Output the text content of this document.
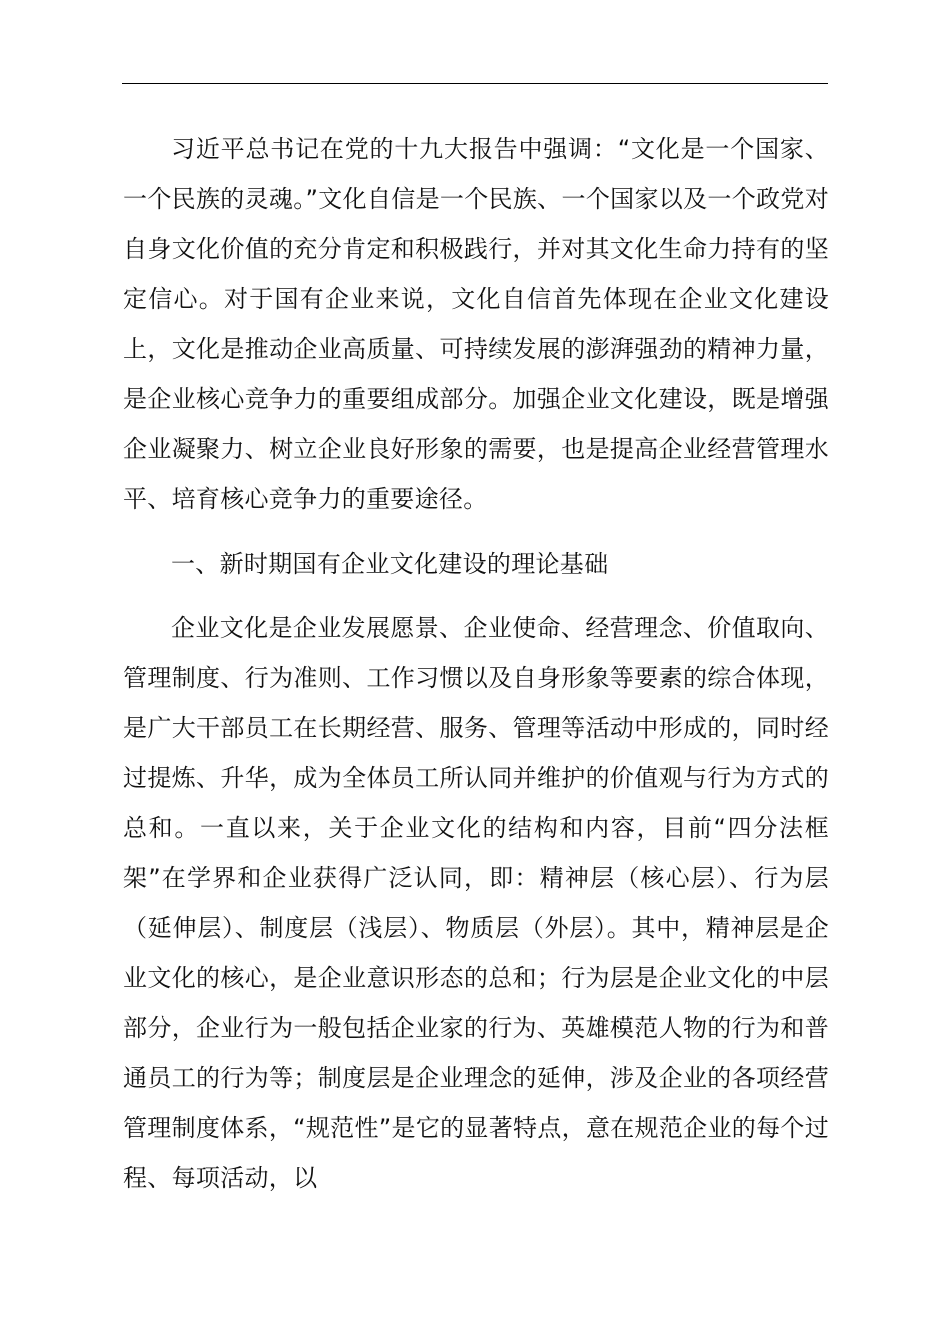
习近平总书记在党的十九大报告中强调：“文化是一个国家、一个民族的灵魂。”文化自信是一个民族、一个国家以及一个政党对自身文化价值的充分肯定和积极践行，并对其文化生命力持有的坚定信心。对于国有企业来说，文化自信首先体现在企业文化建设上，文化是推动企业高质量、可持续发展的澎湃强劲的精神力量，是企业核心竞争力的重要组成部分。加强企业文化建设，既是增强企业凝聚力、树立企业良好形象的需要，也是提高企业经营管理水平、培育核心竞争力的重要途径。

一、新时期国有企业文化建设的理论基础

企业文化是企业发展愿景、企业使命、经营理念、价值取向、管理制度、行为准则、工作习惯以及自身形象等要素的综合体现，是广大干部员工在长期经营、服务、管理等活动中形成的，同时经过提炼、升华，成为全体员工所认同并维护的价值观与行为方式的总和。一直以来，关于企业文化的结构和内容，目前“四分法框架”在学界和企业获得广泛认同，即：精神层（核心层）、行为层（延伸层）、制度层（浅层）、物质层（外层）。其中，精神层是企业文化的核心，是企业意识形态的总和；行为层是企业文化的中层部分，企业行为一般包括企业家的行为、英雄模范人物的行为和普通员工的行为等；制度层是企业理念的延伸，涉及企业的各项经营管理制度体系，“规范性”是它的显著特点，意在规范企业的每个过程、每项活动，以
